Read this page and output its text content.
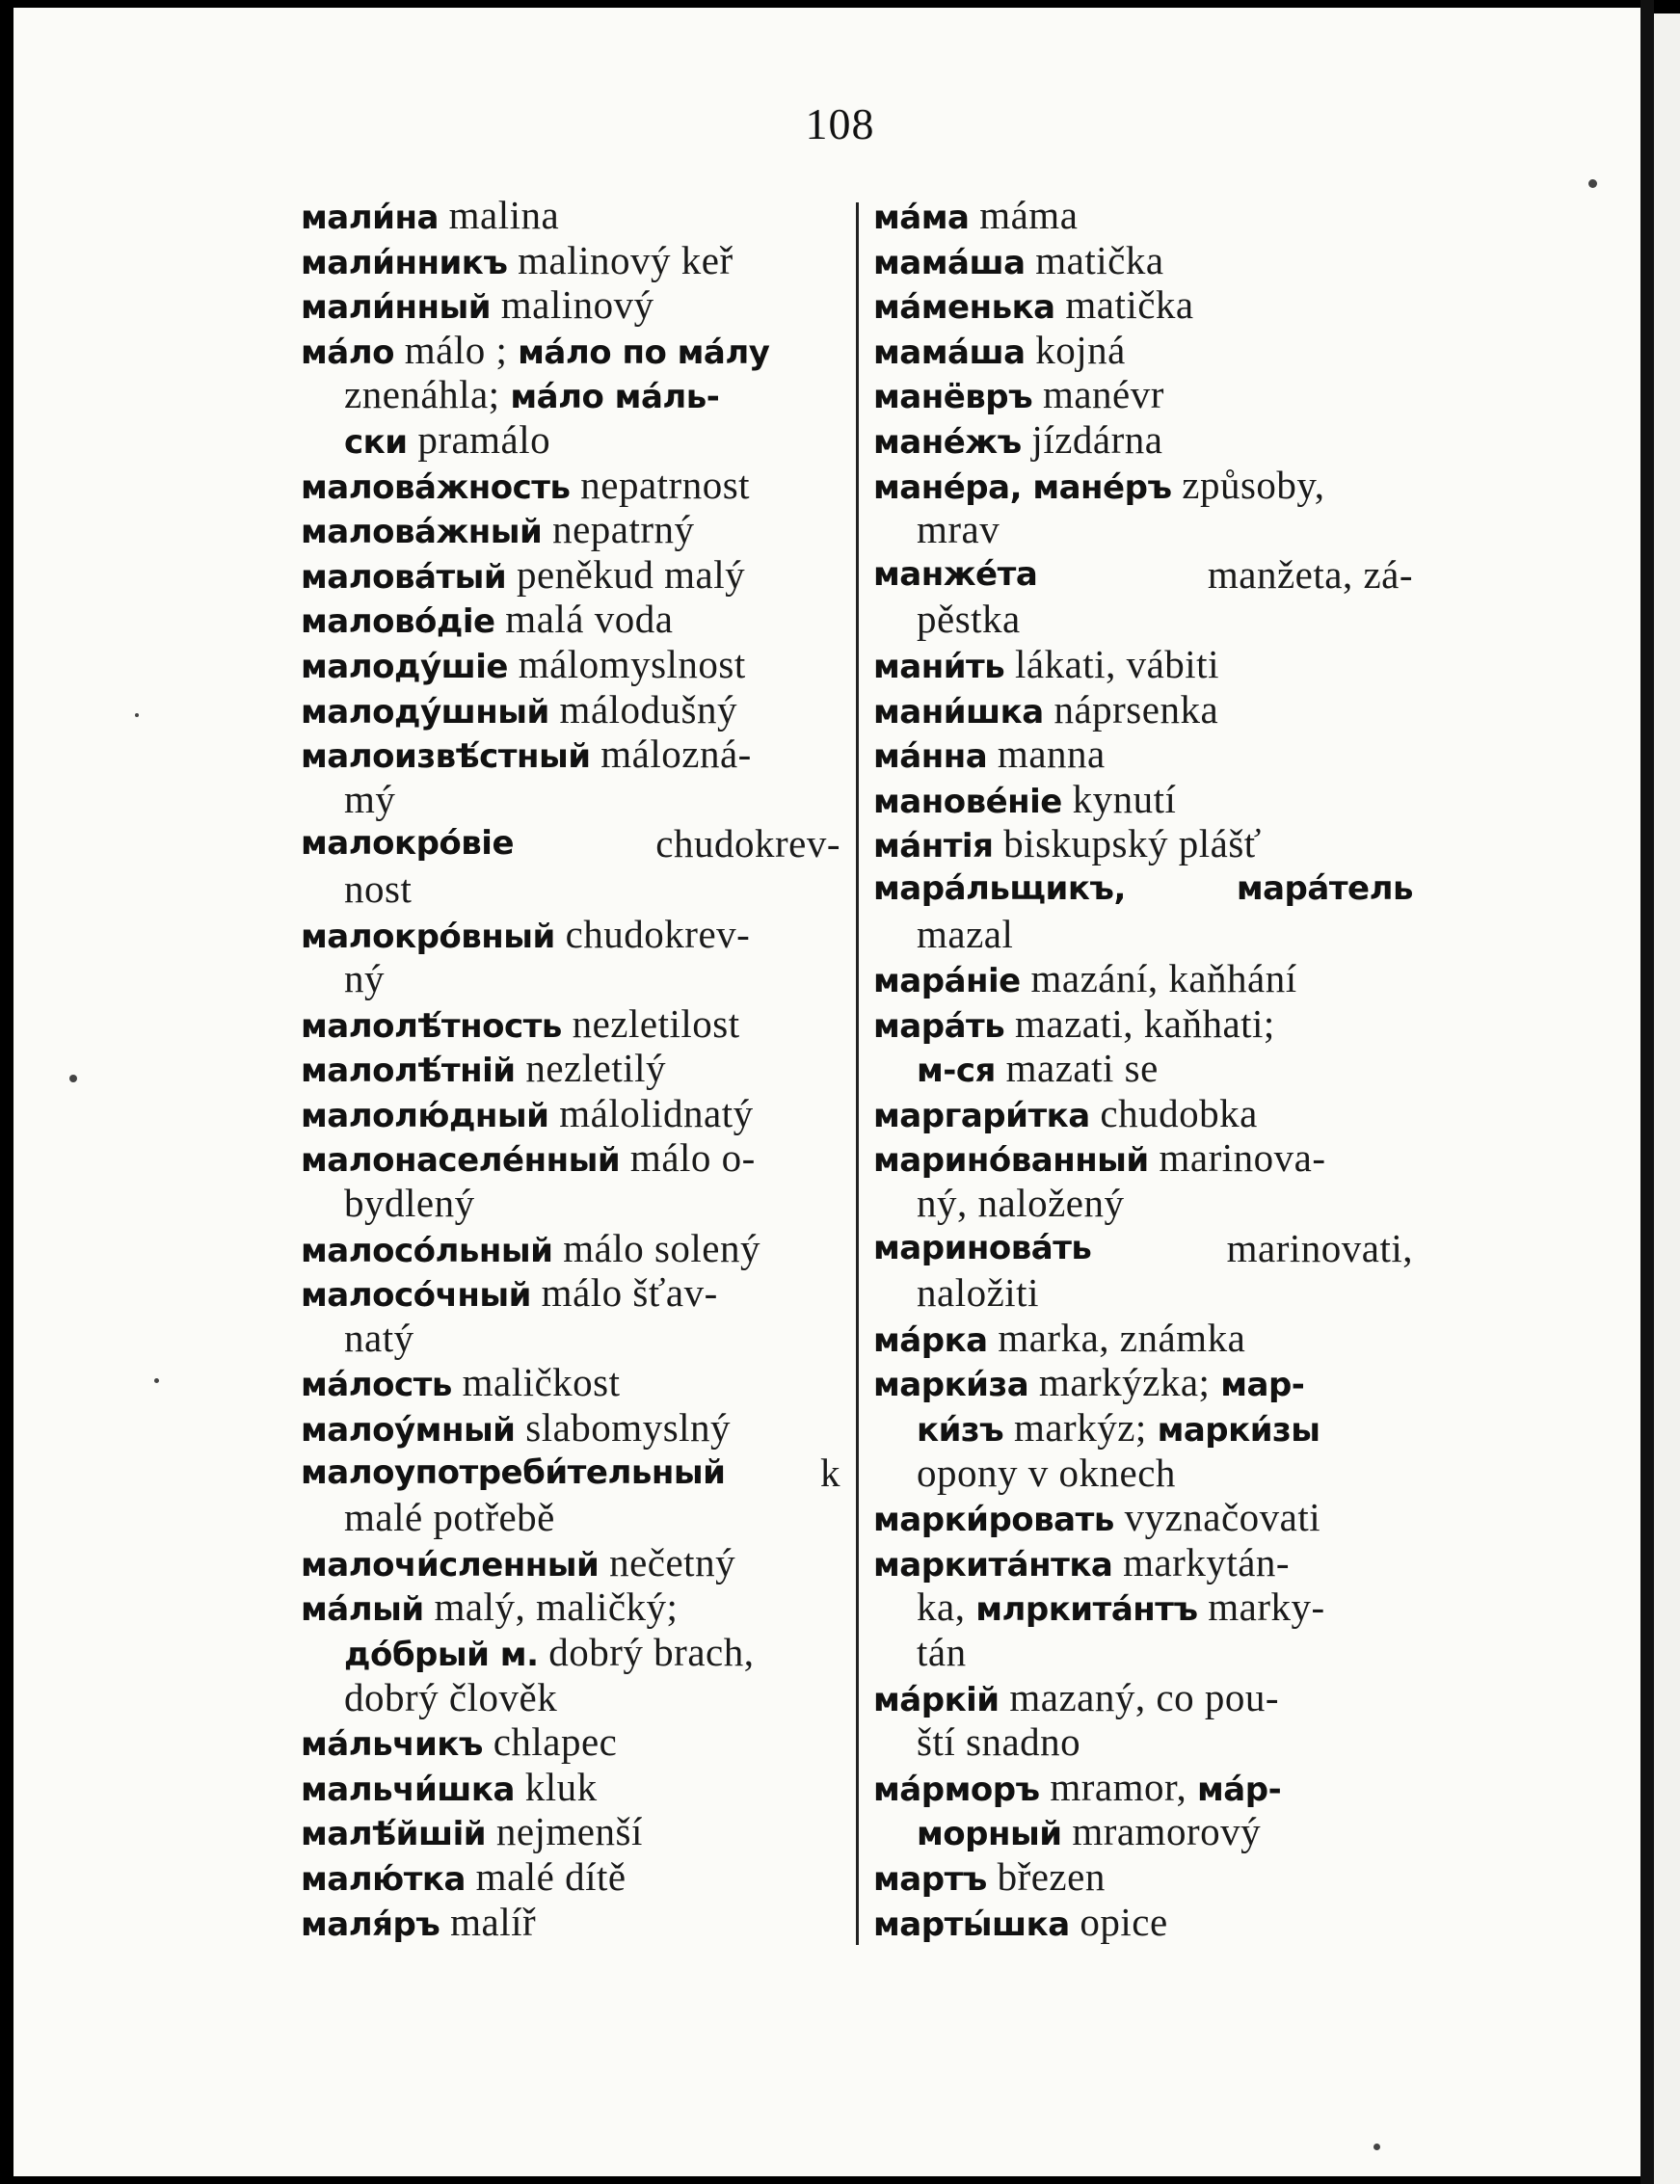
108
мали́на malina
мали́нникъ malinový keř
мали́нный malinový
ма́ло málo ; ма́ло по ма́лу
znenáhla; ма́ло ма́ль-
ски pramálo
малова́жность nepatrnost
малова́жный nepatrný
малова́тый peněkud malý
маловóдіе malá voda
малоду́шіе málomyslnost
малоду́шный málodušný
малоизвѣ́стный málozná-
mý
малокрóвіе	chudokrev-
nost
малокрóвный chudokrev-
ný
малолѣ́тность nezletilost
малолѣ́тній nezletilý
малолю́дный málolidnatý
малонаселе́нный málo o-
bydlený
малосóльный málo solený
малосóчный málo šťav-
natý
ма́лость maličkost
малоу́мный slabomyslný
малоупотреби́тельный k
malé potřebě
малочи́сленный nečetný
ма́лый malý, maličký;
дóбрый м. dobrý brach,
dobrý člověk
ма́льчикъ chlapec
мальчи́шка kluk
малѣ́йшій nejmenší
малю́тка malé dítě
маля́ръ malíř
ма́ма máma
мама́ша matička
ма́менька matička
мама́ша kojná
манёвръ manévr
мане́жъ jízdárna
мане́ра, мане́ръ způsoby,
mrav
манже́та	manžeta, zá-
pěstka
мани́ть lákati, vábiti
мани́шка náprsenka
ма́нна manna
манове́ніе kynutí
ма́нтія biskupský plášť
мара́льщикъ,	мара́тель
mazal
мара́ніе mazání, kaňhání
мара́ть mazati, kaňhati;
м-ся mazati se
маргари́тка chudobka
маринóванный marinova-
ný, naložený
мариновáть	marinovati,
naložiti
ма́рка marka, známka
марки́за markýzka; мар-
ки́зъ markýz; марки́зы
opony v oknech
марки́ровать vyznačovati
маркита́нтка markytán-
ka, млркита́нтъ marky-
tán
ма́ркій mazaný, co pou-
ští snadno
ма́рморъ mramor, ма́р-
морный mramorový
мартъ březen
марты́шка opice
